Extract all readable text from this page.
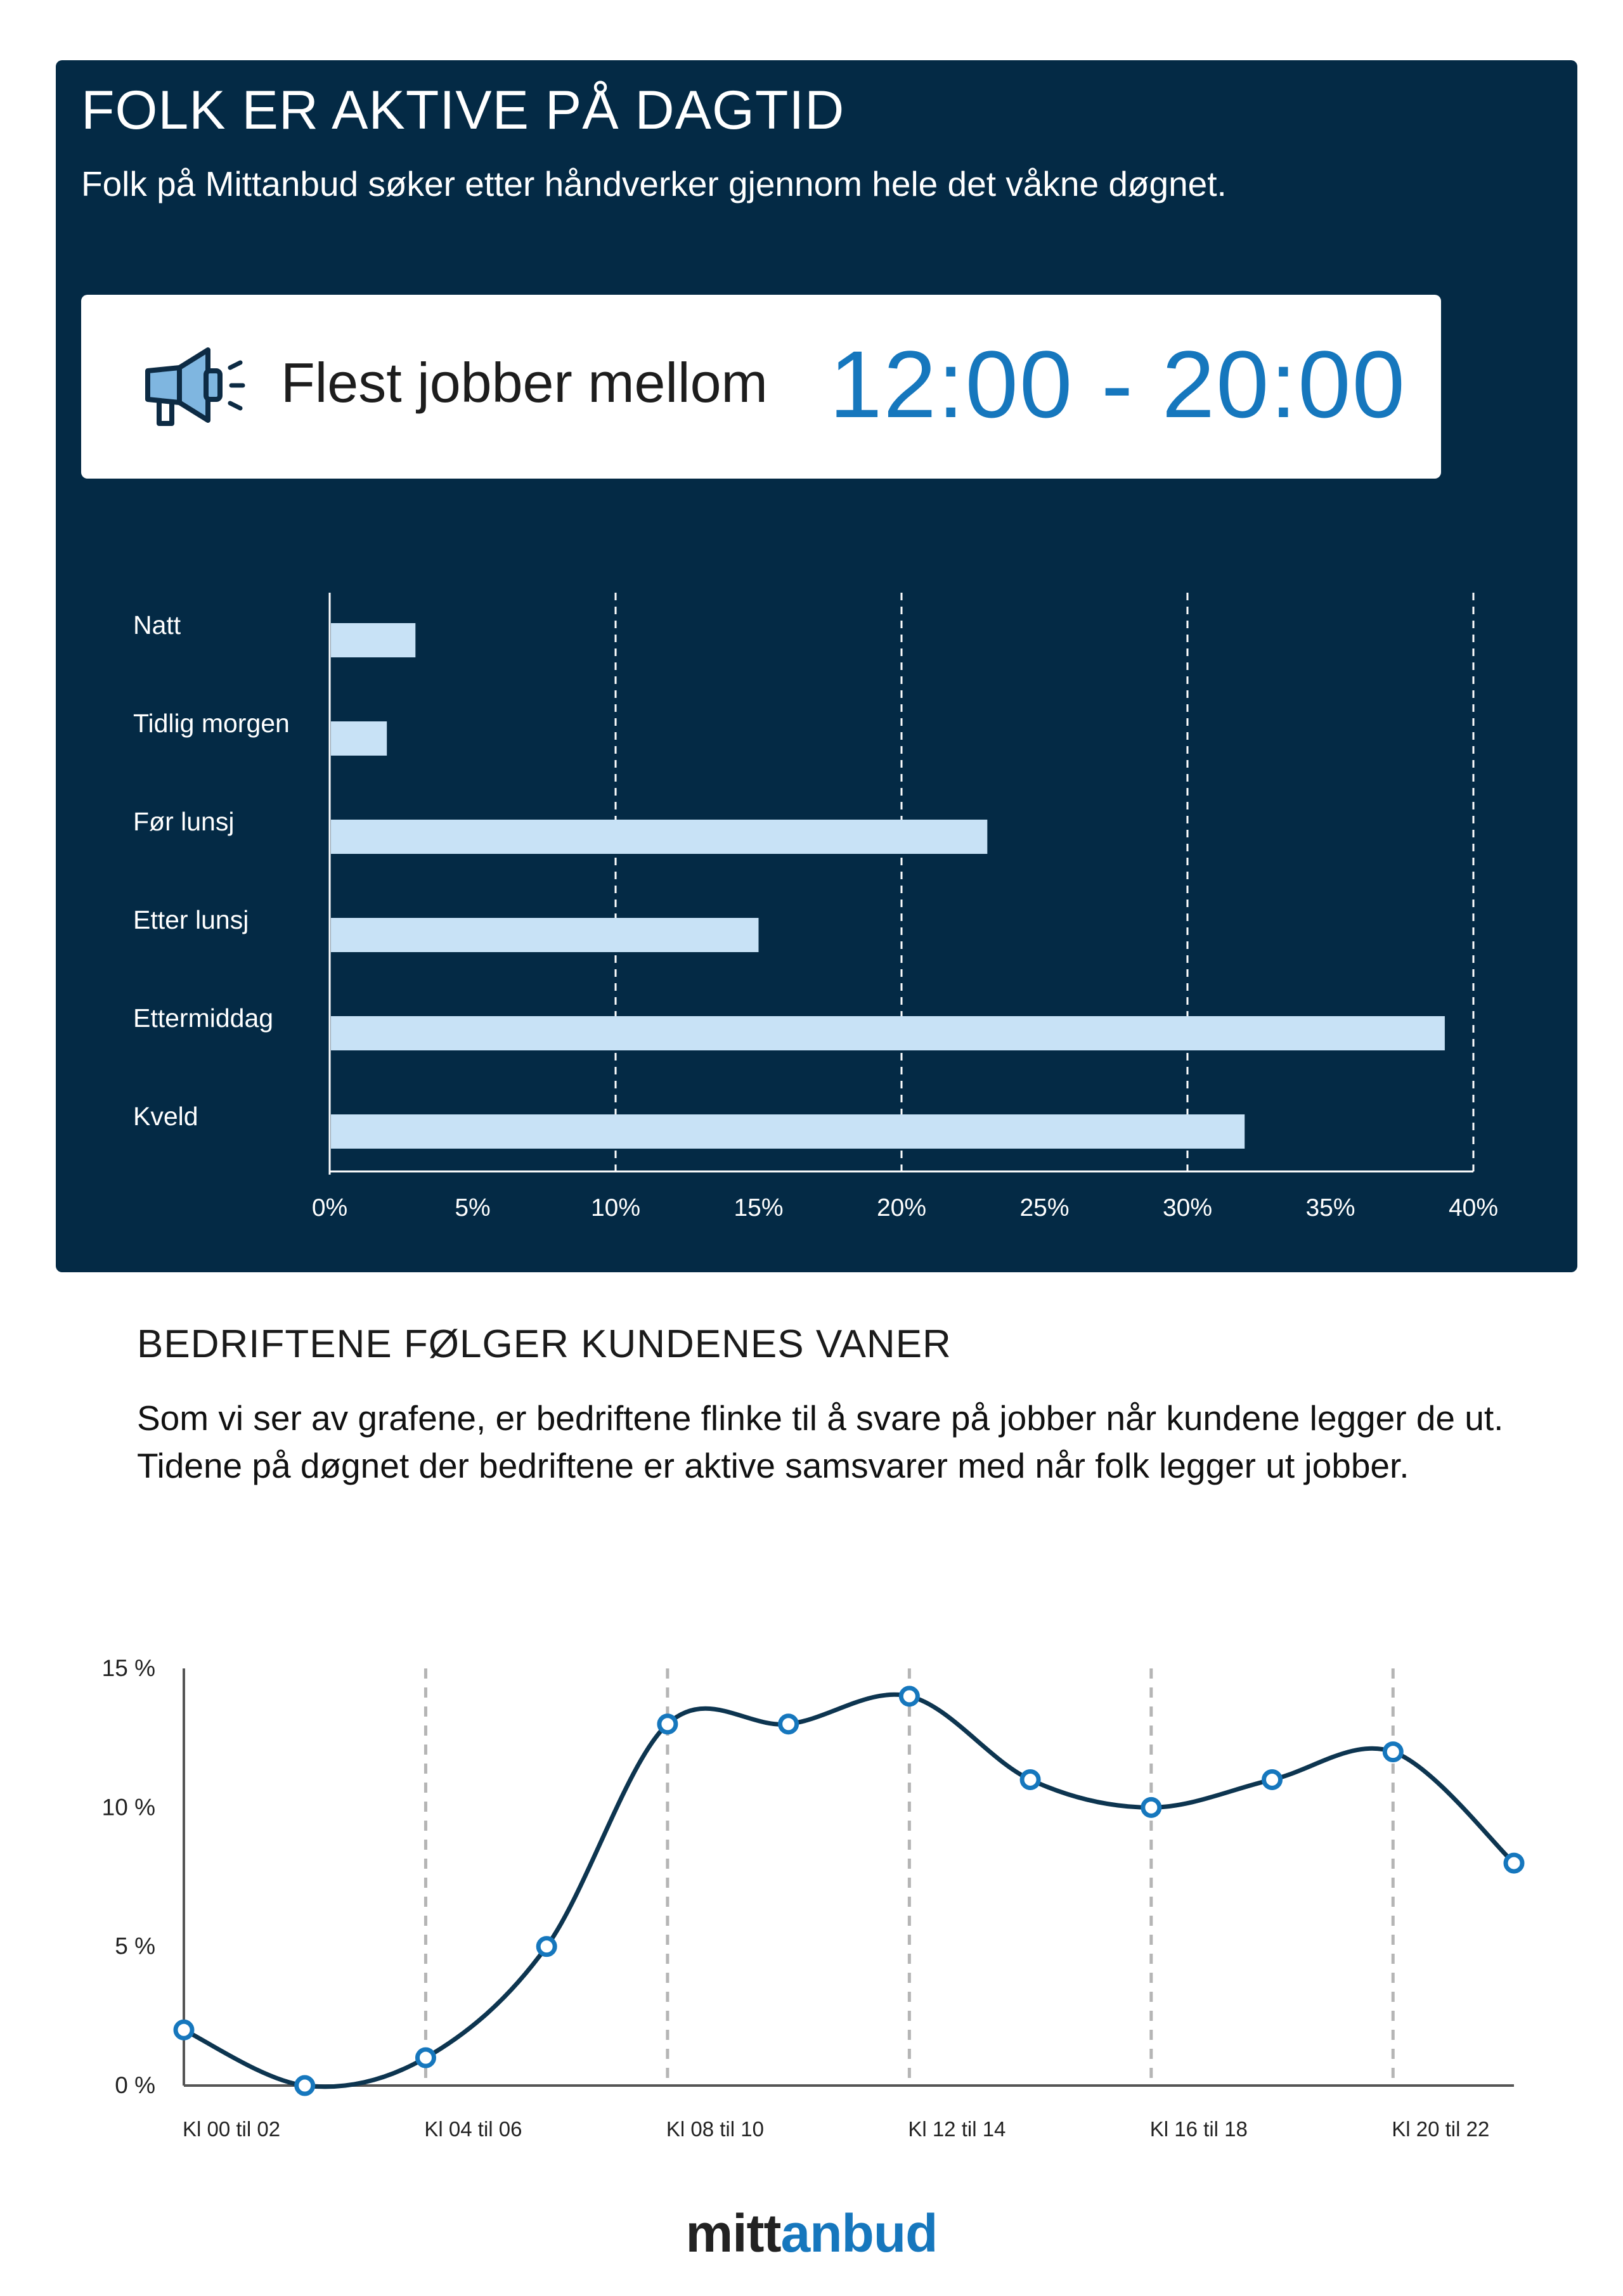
FOLK ER AKTIVE PÅ DAGTID

Folk på Mittanbud søker etter håndverker gjennom hele det våkne døgnet.

Flest jobber mellom 12:00 - 20:00
Natt
Tidlig morgen
Før lunsj
Etter lunsj
Ettermiddag
Kveld
0%	5%	10%	15%	20%	25%	30%	35%	40%
BEDRIFTENE FØLGER KUNDENES VANER

Som vi ser av grafene, er bedriftene flinke til å svare på jobber når kundene legger de ut. Tidene på døgnet der bedriftene er aktive samsvarer med når folk legger ut jobber.

Kl 00 til 02	Kl 04 til 06	Kl 08 til 10	Kl 12 til 14	Kl 16 til 18	Kl 20 til 22
0 %
5 %
10 %
15 %
mittanbud
